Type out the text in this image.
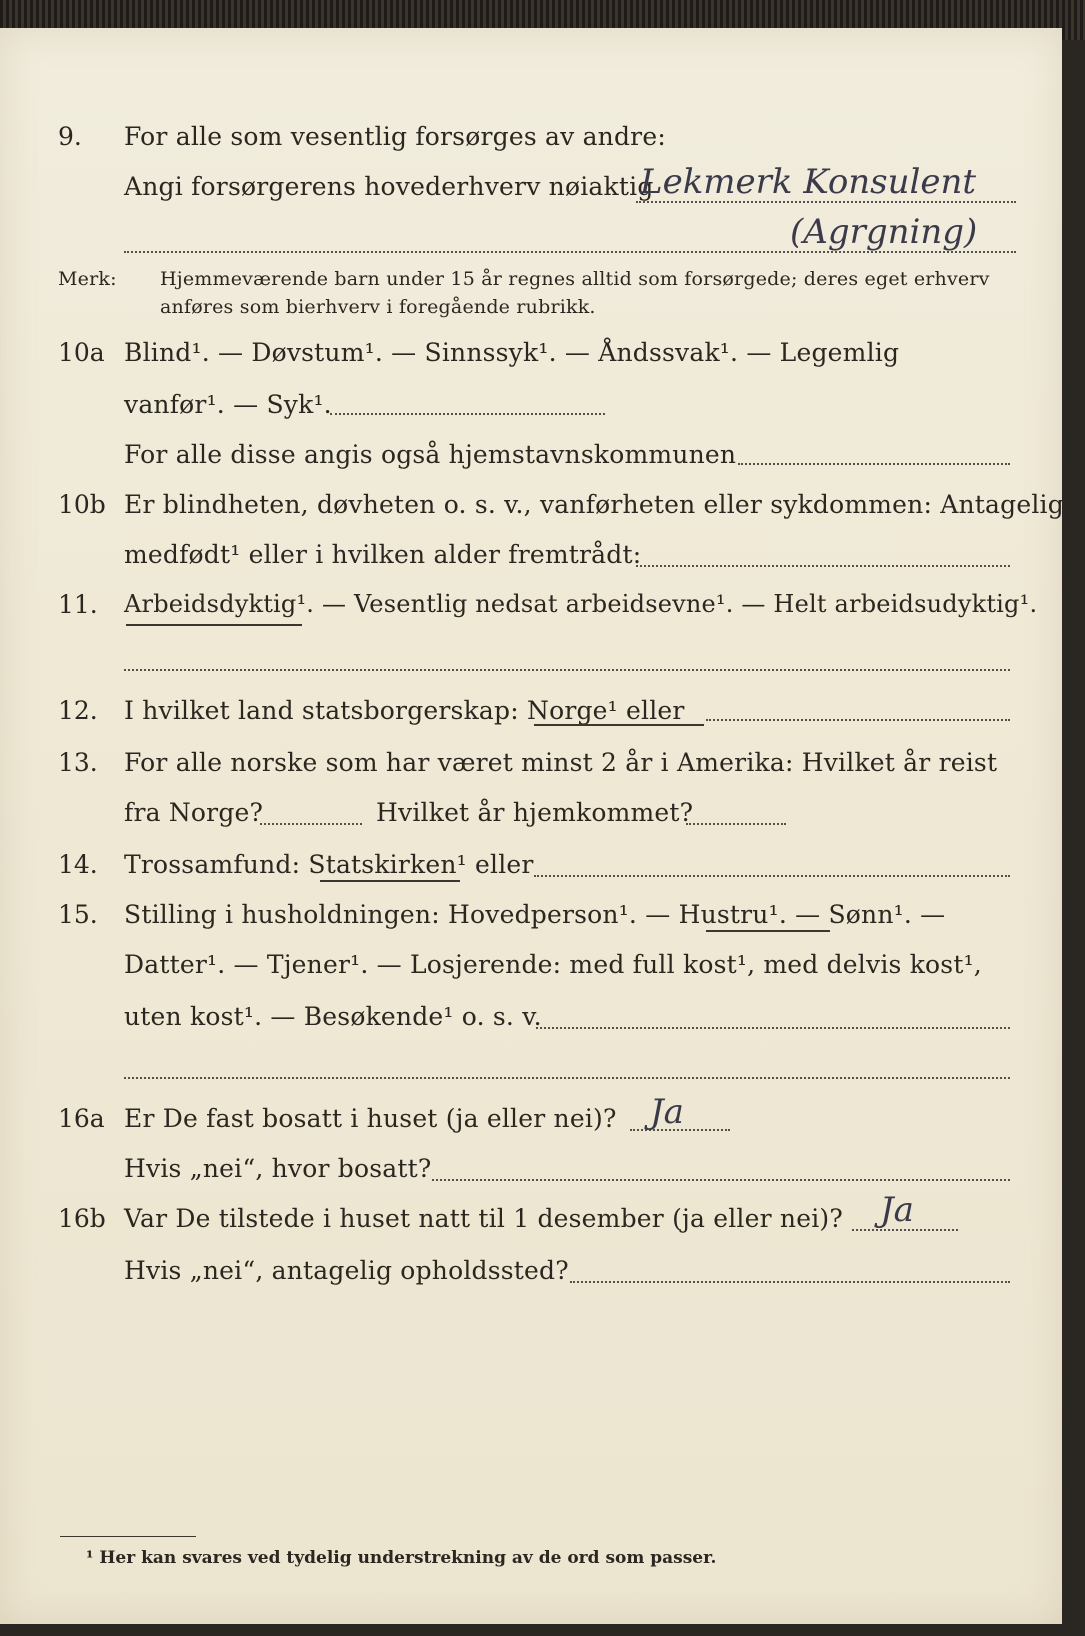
9. For alle som vesentlig forsørges av andre:
Angi forsørgerens hovederhverv nøiaktig
Lekmerk Konsulent
(Agrgning)
Merk: Hjemmeværende barn under 15 år regnes alltid som forsørgede; deres eget erhverv
anføres som bierhverv i foregående rubrikk.
10a Blind¹. — Døvstum¹. — Sinnssyk¹. — Åndssvak¹. — Legemlig
vanfør¹. — Syk¹.
For alle disse angis også hjemstavnskommunen
10b Er blindheten, døvheten o. s. v., vanførheten eller sykdommen: Antagelig
medfødt¹ eller i hvilken alder fremtrådt:
11. Arbeidsdyktig¹. — Vesentlig nedsat arbeidsevne¹. — Helt arbeidsudyktig¹.
12. I hvilket land statsborgerskap: Norge¹ eller
13. For alle norske som har været minst 2 år i Amerika: Hvilket år reist
fra Norge?	Hvilket år hjemkommet?
14. Trossamfund: Statskirken¹ eller
15. Stilling i husholdningen: Hovedperson¹. — Hustru¹. — Sønn¹. —
Datter¹. — Tjener¹. — Losjerende: med full kost¹, med delvis kost¹,
uten kost¹. — Besøkende¹ o. s. v.
16a Er De fast bosatt i huset (ja eller nei)? Ja
Hvis „nei“, hvor bosatt?
16b Var De tilstede i huset natt til 1 desember (ja eller nei)? Ja
Hvis „nei“, antagelig opholdssted?
¹ Her kan svares ved tydelig understrekning av de ord som passer.
